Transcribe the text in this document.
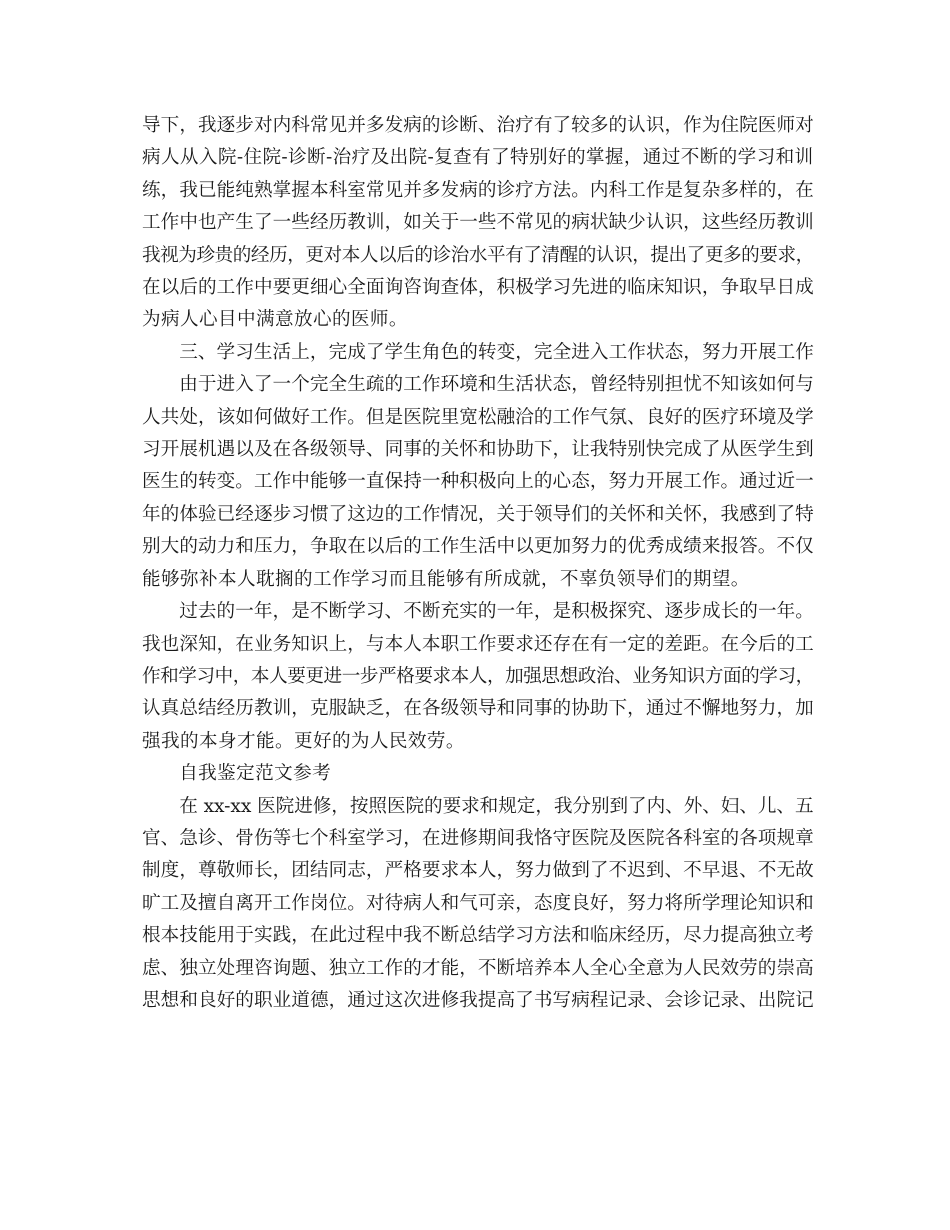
导下，我逐步对内科常见并多发病的诊断、治疗有了较多的认识，作为住院医师对
病人从入院-住院-诊断-治疗及出院-复查有了特别好的掌握，通过不断的学习和训
练，我已能纯熟掌握本科室常见并多发病的诊疗方法。内科工作是复杂多样的，在
工作中也产生了一些经历教训，如关于一些不常见的病状缺少认识，这些经历教训
我视为珍贵的经历，更对本人以后的诊治水平有了清醒的认识，提出了更多的要求，
在以后的工作中要更细心全面询咨询查体，积极学习先进的临床知识，争取早日成
为病人心目中满意放心的医师。

三、学习生活上，完成了学生角色的转变，完全进入工作状态，努力开展工作

由于进入了一个完全生疏的工作环境和生活状态，曾经特别担忧不知该如何与
人共处，该如何做好工作。但是医院里宽松融洽的工作气氛、良好的医疗环境及学
习开展机遇以及在各级领导、同事的关怀和协助下，让我特别快完成了从医学生到
医生的转变。工作中能够一直保持一种积极向上的心态，努力开展工作。通过近一
年的体验已经逐步习惯了这边的工作情况，关于领导们的关怀和关怀，我感到了特
别大的动力和压力，争取在以后的工作生活中以更加努力的优秀成绩来报答。不仅
能够弥补本人耽搁的工作学习而且能够有所成就，不辜负领导们的期望。

过去的一年，是不断学习、不断充实的一年，是积极探究、逐步成长的一年。
我也深知，在业务知识上，与本人本职工作要求还存在有一定的差距。在今后的工
作和学习中，本人要更进一步严格要求本人，加强思想政治、业务知识方面的学习，
认真总结经历教训，克服缺乏，在各级领导和同事的协助下，通过不懈地努力，加
强我的本身才能。更好的为人民效劳。

自我鉴定范文参考

在 xx-xx 医院进修，按照医院的要求和规定，我分别到了内、外、妇、儿、五
官、急诊、骨伤等七个科室学习，在进修期间我恪守医院及医院各科室的各项规章
制度，尊敬师长，团结同志，严格要求本人，努力做到了不迟到、不早退、不无故
旷工及擅自离开工作岗位。对待病人和气可亲，态度良好，努力将所学理论知识和
根本技能用于实践，在此过程中我不断总结学习方法和临床经历，尽力提高独立考
虑、独立处理咨询题、独立工作的才能，不断培养本人全心全意为人民效劳的崇高
思想和良好的职业道德，通过这次进修我提高了书写病程记录、会诊记录、出院记
